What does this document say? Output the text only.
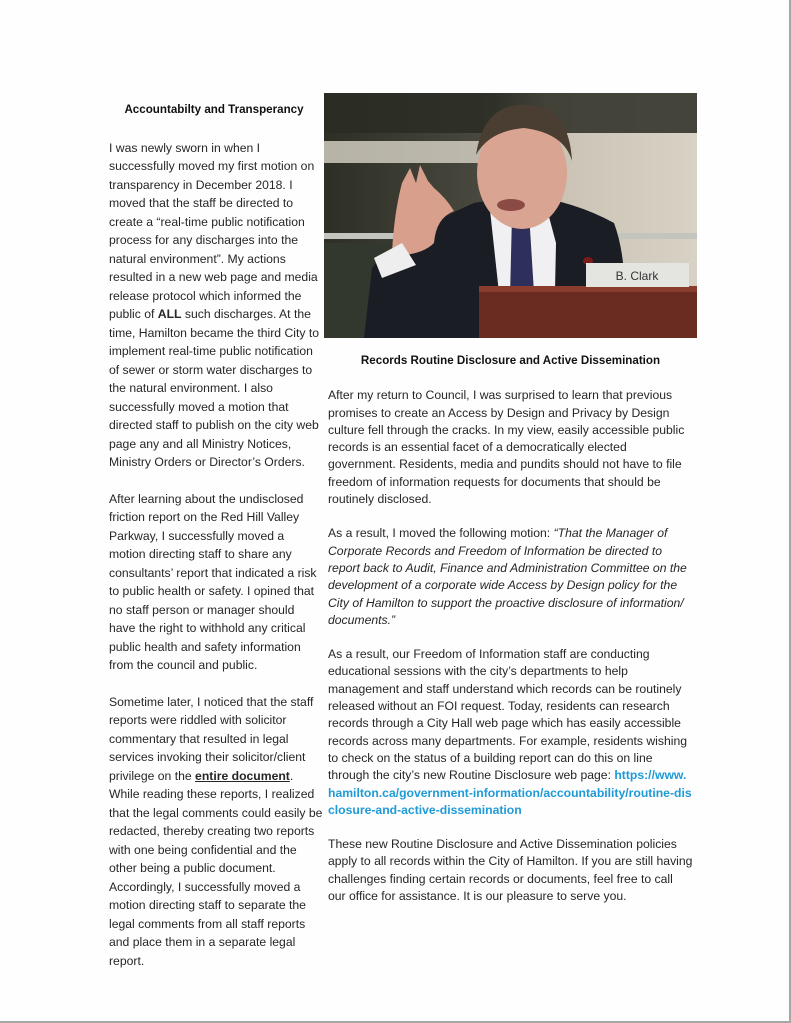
Accountabilty and Transperancy

I was newly sworn in when I successfully moved my first motion on transparency in December 2018. I moved that the staff be directed to create a “real-time public notification process for any discharges into the natural environment”. My actions resulted in a new web page and media release protocol which informed the public of ALL such discharges. At the time, Hamilton became the third City to implement real-time public notification of sewer or storm water discharges to the natural environment. I also successfully moved a motion that directed staff to publish on the city web page any and all Ministry Notices, Ministry Orders or Director’s Orders.

After learning about the undisclosed friction report on the Red Hill Valley Parkway, I successfully moved a motion directing staff to share any consultants’ report that indicated a risk to public health or safety. I opined that no staff person or manager should have the right to withhold any critical public health and safety information from the council and public.

Sometime later, I noticed that the staff reports were riddled with solicitor commentary that resulted in legal services invoking their solicitor/client privilege on the entire document. While reading these reports, I realized that the legal comments could easily be redacted, thereby creating two reports with one being confidential and the other being a public document. Accordingly, I successfully moved a motion directing staff to separate the legal comments from all staff reports and place them in a separate legal report.

B. Clark
Records Routine Disclosure and Active Dissemination

After my return to Council, I was surprised to learn that previous promises to create an Access by Design and Privacy by Design culture fell through the cracks. In my view, easily accessible public records is an essential facet of a democratically elected government. Residents, media and pundits should not have to file freedom of information requests for documents that should be routinely disclosed.

As a result, I moved the following motion: “That the Manager of Corporate Records and Freedom of Information be directed to report back to Audit, Finance and Administration Committee on the development of a corporate wide Access by Design policy for the City of Hamilton to support the proactive disclosure of information/ documents.”

As a result, our Freedom of Information staff are conducting educational sessions with the city’s departments to help management and staff understand which records can be routinely released without an FOI request. Today, residents can research records through a City Hall web page which has easily accessible records across many departments. For example, residents wishing to check on the status of a building report can do this on line through the city’s new Routine Disclosure web page: https://www.hamilton.ca/government-information/accountability/routine-disclosure-and-active-dissemination

These new Routine Disclosure and Active Dissemination policies apply to all records within the City of Hamilton. If you are still having challenges finding certain records or documents, feel free to call our office for assistance. It is our pleasure to serve you.
